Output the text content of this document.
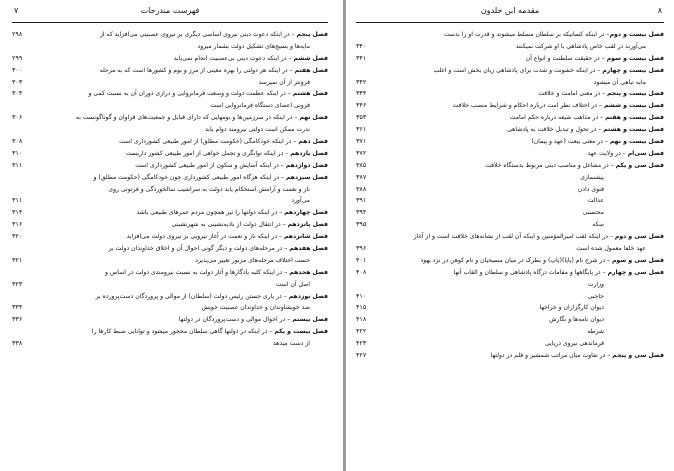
۷	فهرست مندرجات
۲۹۸	فصل پنجم – در اینکه دعوت دینی نیروی اساسی دیگری بر نیروی عصبیتی می‌افزاید که از
مایه‌ها و بسیج‌های تشکیل دولت بشمار میرود
۲۹۹	فصل ششم – در اینکه دعوت دینی بی‌عصبیت انجام نمی‌یابد
۳۰۰	فصل هفتم – در اینکه هر دولتی را بهره معینی از مرز و بوم و کشورها است که به مرحله
۳۰۳	فزونتر از آن نمیرسد
۳۰۴	فصل هشتم – در اینکه عظمت دولت و وسعت فرمانروایی و درازی دوران آن به نسبت کمی و
فزونی اعضای دستگاه فرمانروایی است
۳۰۶	فصل نهم – در اینکه در سرزمین‌ها و بومهایی که دارای قبایل و جمعیت‌های فراوان و گوناگونست به
ندرت ممکن است دولتی نیرومند دوام یابد
۳۰۸	فصل دهم – در اینکه خودکامگی (حکومت مطلق) از امور طبیعی کشورداری است
۳۱۰	فصل یازدهم – در اینکه توانگری و تجمل خواهی از امور طبیعی کشور داریست
۳۱۱	فصل دوازدهم – در اینکه آسایش و سکون از امور طبیعی کشورداری است
فصل سیزدهم – در اینکه هرگاه امور طبیعی کشورداری چون خودکامگی (حکومت مطلق) و
ناز و نعمت و آرامش استحکام یابد دولت به سراشیب سالخوردگی و فرتوتی روی
۳۱۱	می‌آورد
۳۱۴	فصل چهاردهم – در اینکه دولتها را نیز همچون مردم عمرهای طبیعی باشد
۳۱۶	فصل پانزدهم – در انتقال دولت از بادیه‌نشینی به شهرنشینی
۳۲۰	فصل شانزدهم – در اینکه ناز و نعمت در آغاز نیرویی بر نیروی دولت می‌افزاید
فصل هفدهم – در مرحله‌های دولت و دیگر گونی احوال آن و اخلاق خداوندان دولت بر
۳۲۱	حسب اختلاف مرحله‌های مزبور تغییر می‌پذیرد
فصل هجدهم – در اینکه کلیه یادگارها و آثار دولت به نسبت نیرومندی دولت در اساس و
۳۲۳	اصل آن است
فصل نوزدهم – در یاری جستن رئیس دولت (سلطان) از موالی و پروردگان دست‌پرورده بر
۳۳۴	ضد خویشاوندان و خداوندان عصبیت خویش
۳۳۶	فصل بیستم – در احوال موالی و دست‌پروردگان در دولتها
فصل بیست و یکم – در اینکه در دولتها گاهی سلطان محجور میشود و توانایی ضبط کارها را
۳۳۸	از دست میدهد
مقدمه ابن خلدون	۸
فصل بیست و دوم– در اینکه کسانیکه بر سلطان مسلط میشوند و قدرت او را بدست
۳۴۰	می‌آورند در لقب خاص پادشاهی با او شرکت نمیکنند
۳۴۱	فصل بیست و سوم – در حقیقت سلطنت و انواع آن
فصل بیست و چهارم – در اینکه خشونت و شدت برای پادشاهی زیان بخش است و اغلب
۳۴۲	مایه تباهی آن میشود
۳۴۴	فصل بیست و پنجم – در معنی امامت و خلافت
۳۴۶	فصل بیست و ششم – در اختلاف نظر امت درباره احکام و شرایط منصب خلافت
۳۵۳	فصل بیست و هفتم – در مذاهب شیعه درباره حکم امامت
۳۶۱	فصل بیست و هشتم – در تحول و تبدیل خلافت به پادشاهی
۳۷۱	فصل بیست و نهم – در معنی بیعت (عهد و پیمان)
۳۷۲	فصل سی‌ام – در ولایت عهد
۳۸۵	فصل سی و یکم – در مشاغل و مناصب دینی مربوط بدستگاه خلافت
۳۸۷	پیشنمازی
۳۸۸	فتوی دادن
۳۹۱	عدالت
۳۹۴	محتسبی
۳۹۵	سکه
فصل سی و دوم – در اینکه لقب امیرالمؤمنین و اینکه آن لقب از نشانه‌های خلافت است و از آغاز
۳۹۶	عهد خلفا معمول شده است
۴۰۱	فصل سی و سوم – در شرح نام (پاپا)(پاپ) و بطرک در میان مسیحیان و نام کوهن در نزد یهود
۴۰۸	فصل سی و چهارم – در پایگاهها و مقامات درگاه پادشاهی و سلطان و القاب آنها
وزارت
۴۱۰	حاجبی
۴۱۵	دیوان کارگزاران و خراجها
۴۱۸	دیوان نامه‌ها و نگارش
۴۲۲	شرطه
۴۲۳	فرماندهی نیروی دریایی
۴۲۷	فصل سی و پنجم – در تفاوت میان مراتب شمشیر و قلم در دولتها
